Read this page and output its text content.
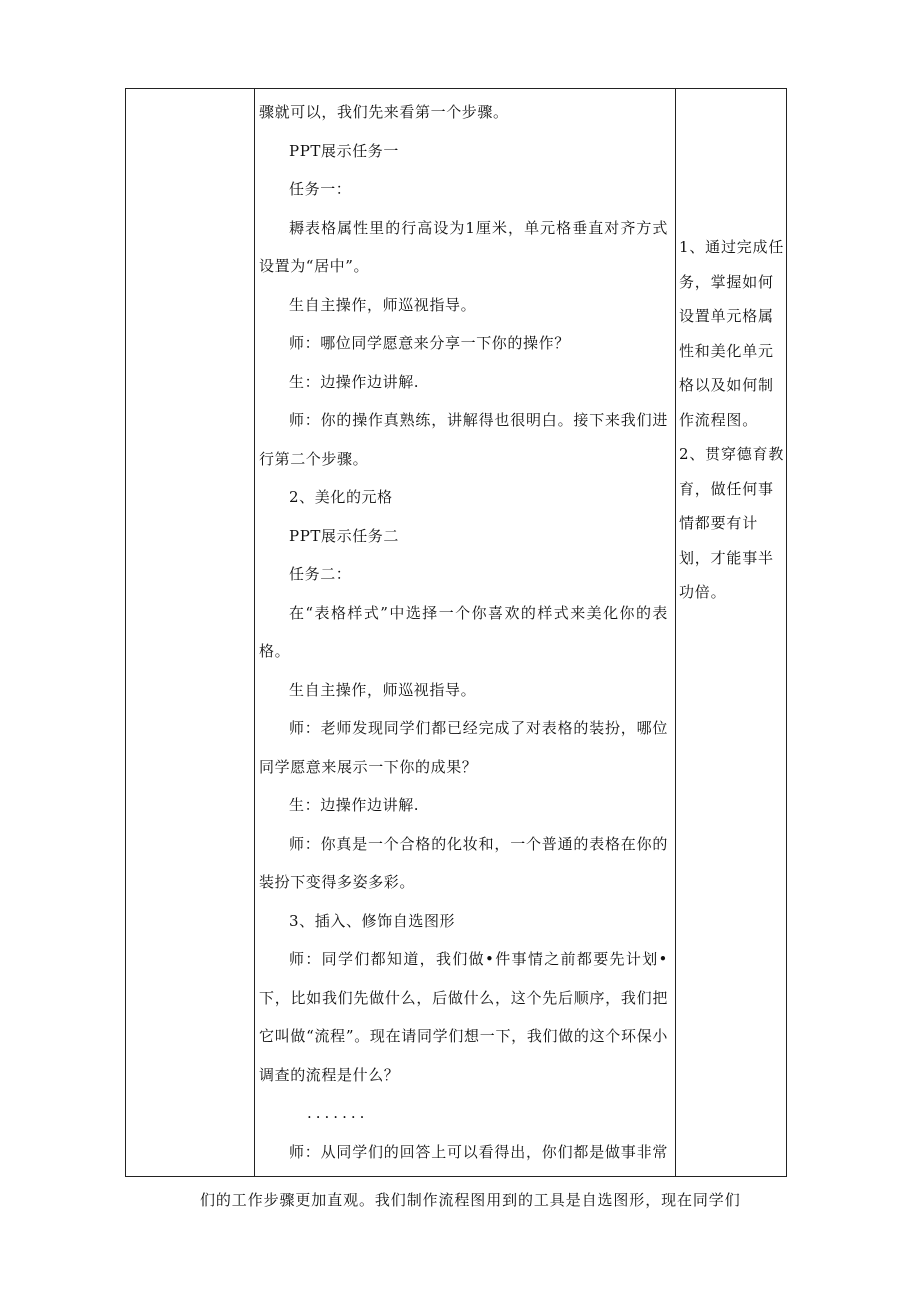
骤就可以，我们先来看第一个步骤。

PPT展示任务一

任务一：

耨表格属性里的行高设为1厘米，单元格垂直对齐方式设置为“居中”。

生自主操作，师巡视指导。

师：哪位同学愿意来分享一下你的操作？

生：边操作边讲解.

师：你的操作真熟练，讲解得也很明白。接下来我们进行第二个步骤。

2、美化的元格

PPT展示任务二

任务二：

在“表格样式”中选择一个你喜欢的样式来美化你的表格。

生自主操作，师巡视指导。

师：老师发现同学们都已经完成了对表格的装扮，哪位同学愿意来展示一下你的成果？

生：边操作边讲解.

师：你真是一个合格的化妆和，一个普通的表格在你的装扮下变得多姿多彩。

3、插入、修饰自选图形

师：同学们都知道，我们做•件事情之前都要先计划•下，比如我们先做什么，后做什么，这个先后顺序，我们把它叫做“流程”。现在请同学们想一下，我们做的这个环保小调查的流程是什么？

.......

师：从同学们的回答上可以看得出，你们都是做事非常

1、通过完成任务，掌握如何设置单元格属性和美化单元格以及如何制作流程图。

2、贯穿德育教育，做任何事情都要有计划，才能事半功倍。

们的工作步骤更加直观。我们制作流程图用到的工具是自选图形，现在同学们
